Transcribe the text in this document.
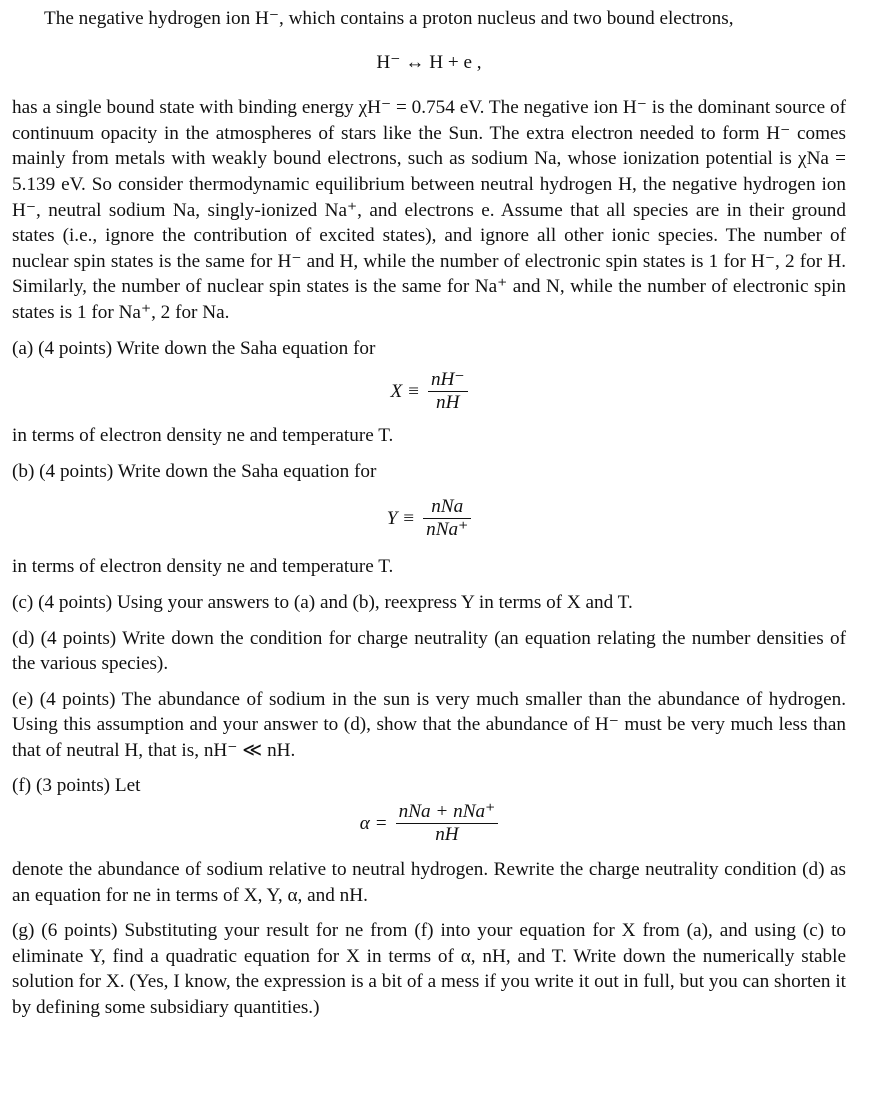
The negative hydrogen ion H⁻, which contains a proton nucleus and two bound electrons,

H⁻ ↔ H + e ,

has a single bound state with binding energy χH⁻ = 0.754 eV. The negative ion H⁻ is the dominant source of continuum opacity in the atmospheres of stars like the Sun. The extra electron needed to form H⁻ comes mainly from metals with weakly bound electrons, such as sodium Na, whose ionization potential is χNa = 5.139 eV. So consider thermodynamic equilibrium between neutral hydrogen H, the negative hydrogen ion H⁻, neutral sodium Na, singly-ionized Na⁺, and electrons e. Assume that all species are in their ground states (i.e., ignore the contribution of excited states), and ignore all other ionic species. The number of nuclear spin states is the same for H⁻ and H, while the number of electronic spin states is 1 for H⁻, 2 for H. Similarly, the number of nuclear spin states is the same for Na⁺ and N, while the number of electronic spin states is 1 for Na⁺, 2 for Na.

(a) (4 points) Write down the Saha equation for

$X \equiv \frac{nH^-}{nH}$

in terms of electron density ne and temperature T.

(b) (4 points) Write down the Saha equation for

$Y \equiv \frac{\text{nNa}}{\text{nNa⁺}}$

in terms of electron density ne and temperature T.

(c) (4 points) Using your answers to (a) and (b), reexpress Y in terms of X and T.

(d) (4 points) Write down the condition for charge neutrality (an equation relating the number densities of the various species).

(e) (4 points) The abundance of sodium in the sun is very much smaller than the abundance of hydrogen. Using this assumption and your answer to (d), show that the abundance of H⁻ must be very much less than that of neutral H, that is, nH⁻ ≪ nH.

(f) (3 points) Let

$\alpha = \frac{\text{nNa + nNa⁺}}{nH}$

denote the abundance of sodium relative to neutral hydrogen. Rewrite the charge neutrality condition (d) as an equation for ne in terms of X, Y, α, and nH.

(g) (6 points) Substituting your result for ne from (f) into your equation for X from (a), and using (c) to eliminate Y, find a quadratic equation for X in terms of α, nH, and T. Write down the numerically stable solution for X. (Yes, I know, the expression is a bit of a mess if you write it out in full, but you can shorten it by defining some subsidiary quantities.)
